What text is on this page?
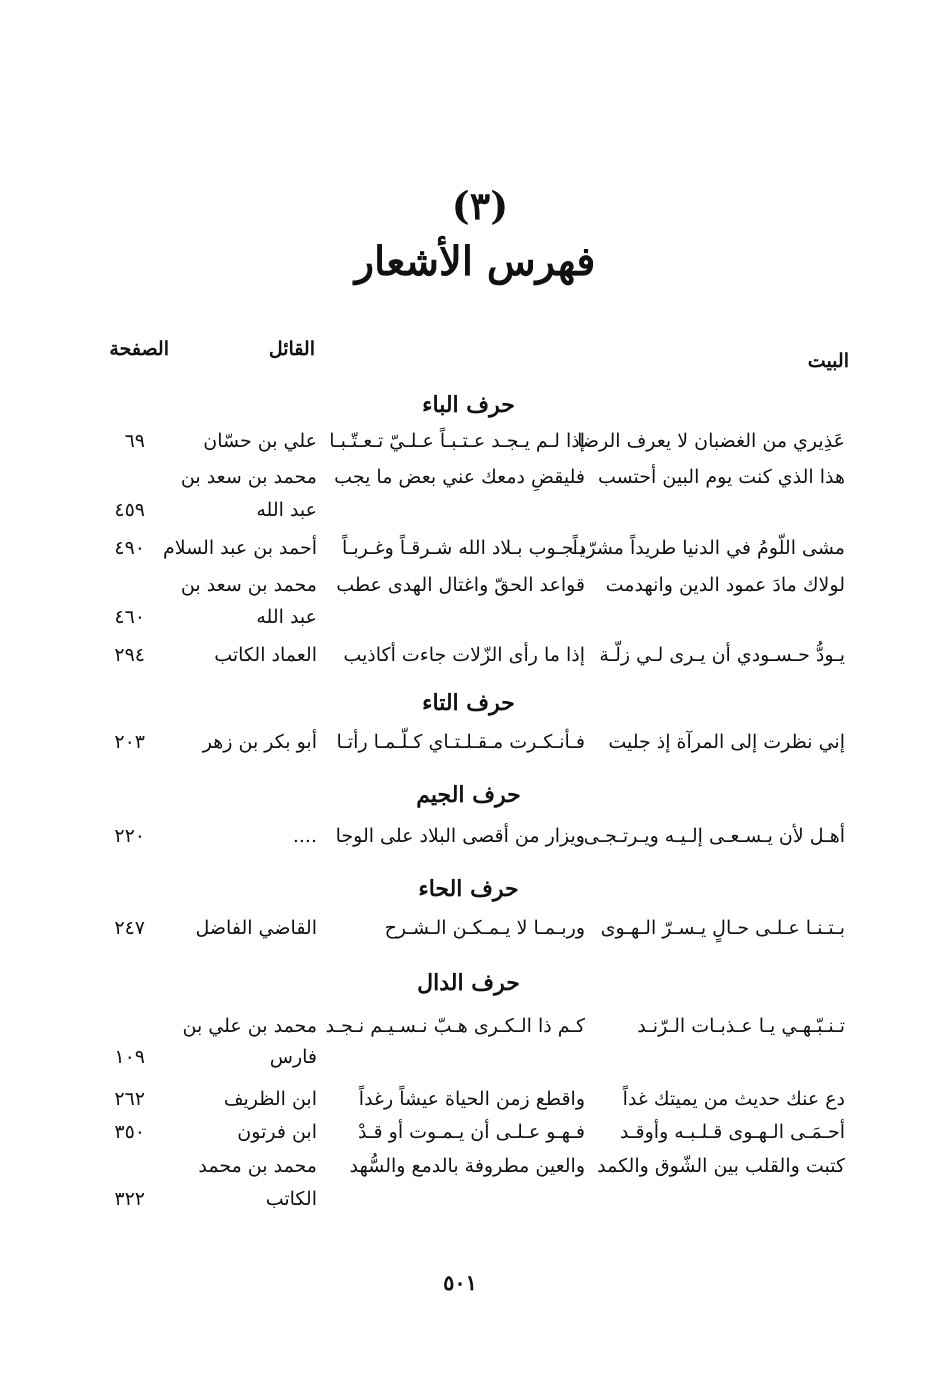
(٣)
فهرس الأشعار
البيت
القائل
الصفحة
حرف الباء
عَذِيري من الغضبان لا يعرف الرضا
إذا لـم يـجـد عـتـبـاً عـلـيّ تـعـتّـبـا
علي بن حسّان
٦٩
هذا الذي كنت يوم البين أحتسب
فليقضِ دمعك عني بعض ما يجب
محمد بن سعد بن
عبد الله
٤٥٩
مشى اللّومُ في الدنيا طريداً مشرّداً
يـجـوب بـلاد الله شـرقـاً وغـربـاً
أحمد بن عبد السلام
٤٩٠
لولاك مادَ عمود الدين وانهدمت
قواعد الحقّ واغتال الهدى عطب
محمد بن سعد بن
عبد الله
٤٦٠
يـودُّ حـسـودي أن يـرى لـي زلّـة
إذا ما رأى الزّلات جاءت أكاذيب
العماد الكاتب
٢٩٤
حرف التاء
إني نظرت إلى المرآة إذ جليت
فـأنـكـرت مـقـلـتـاي كـلّـمـا رأتـا
أبو بكر بن زهر
٢٠٣
حرف الجيم
أهـل لأن يـسـعـى إلـيـه ويـرتـجـى
ويزار من أقصى البلاد على الوجا
....
٢٢٠
حرف الحاء
بـتـنـا عـلـى حـالٍ يـسـرّ الـهـوى
وربـمـا لا يـمـكـن الـشـرح
القاضي الفاضل
٢٤٧
حرف الدال
تـنـبّـهـي يـا عـذبـات الـرّنـد
كـم ذا الـكـرى هـبّ نـسـيـم نـجـد
محمد بن علي بن
فارس
١٠٩
دع عنك حديث من يميتك غداً
واقطع زمن الحياة عيشاً رغداً
ابن الظريف
٢٦٢
أحـمَـى الـهـوى قـلـبـه وأوقـد
فـهـو عـلـى أن يـمـوت أو قـدْ
ابن فرتون
٣٥٠
كتبت والقلب بين الشّوق والكمد
والعين مطروفة بالدمع والسُّهد
محمد بن محمد
الكاتب
٣٢٢
٥٠١
